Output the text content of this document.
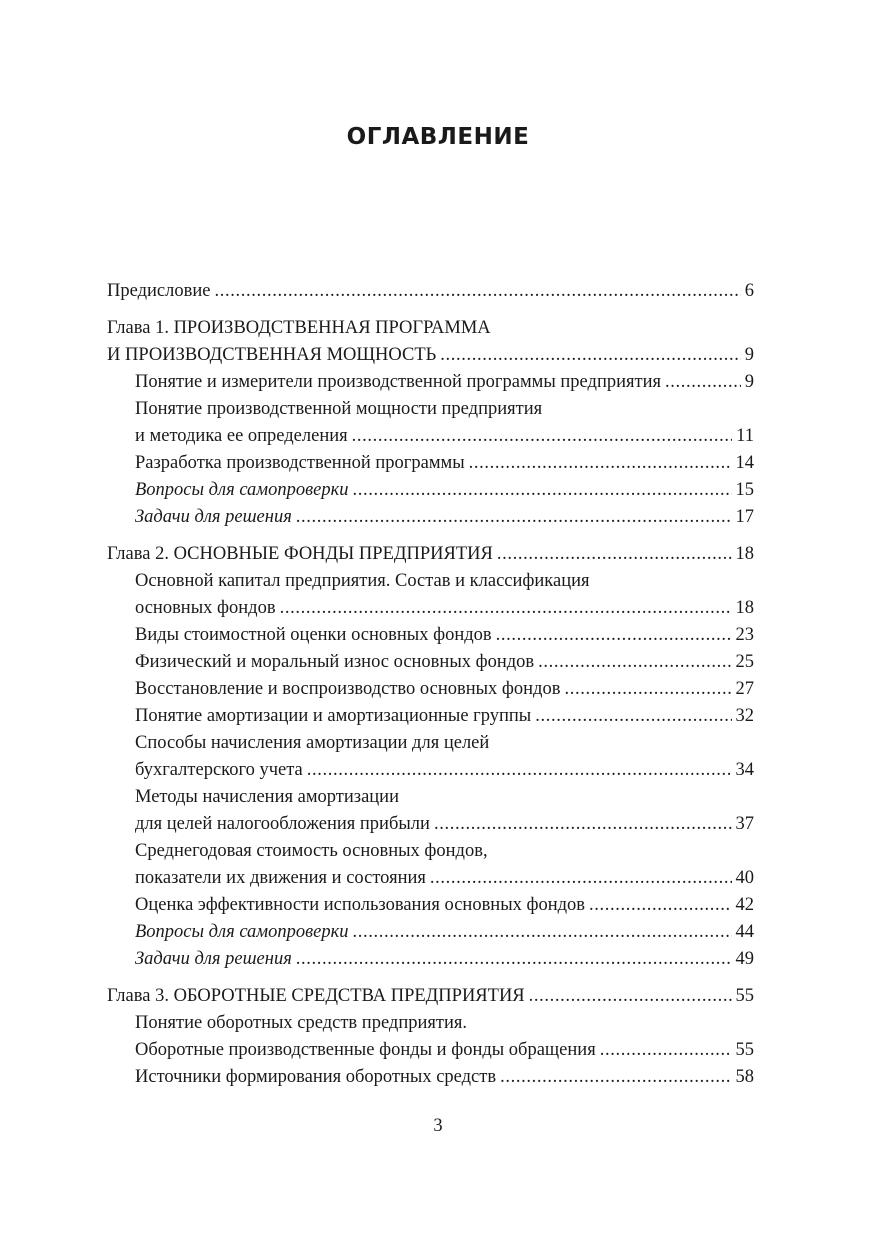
ОГЛАВЛЕНИЕ
Предисловие . . .	6
Глава 1. ПРОИЗВОДСТВЕННАЯ ПРОГРАММА
И ПРОИЗВОДСТВЕННАЯ МОЩНОСТЬ . . .	9
Понятие и измерители производственной программы предприятия . . .	9
Понятие производственной мощности предприятия
и методика ее определения . . .	11
Разработка производственной программы . . .	14
Вопросы для самопроверки . . .	15
Задачи для решения . . .	17
Глава 2. ОСНОВНЫЕ ФОНДЫ ПРЕДПРИЯТИЯ . . .	18
Основной капитал предприятия. Состав и классификация
основных фондов . . .	18
Виды стоимостной оценки основных фондов . . .	23
Физический и моральный износ основных фондов . . .	25
Восстановление и воспроизводство основных фондов . . .	27
Понятие амортизации и амортизационные группы . . .	32
Способы начисления амортизации для целей
бухгалтерского учета . . .	34
Методы начисления амортизации
для целей налогообложения прибыли . . .	37
Среднегодовая стоимость основных фондов,
показатели их движения и состояния . . .	40
Оценка эффективности использования основных фондов . . .	42
Вопросы для самопроверки . . .	44
Задачи для решения . . .	49
Глава 3. ОБОРОТНЫЕ СРЕДСТВА ПРЕДПРИЯТИЯ . . .	55
Понятие оборотных средств предприятия.
Оборотные производственные фонды и фонды обращения . . .	55
Источники формирования оборотных средств . . .	58
3
